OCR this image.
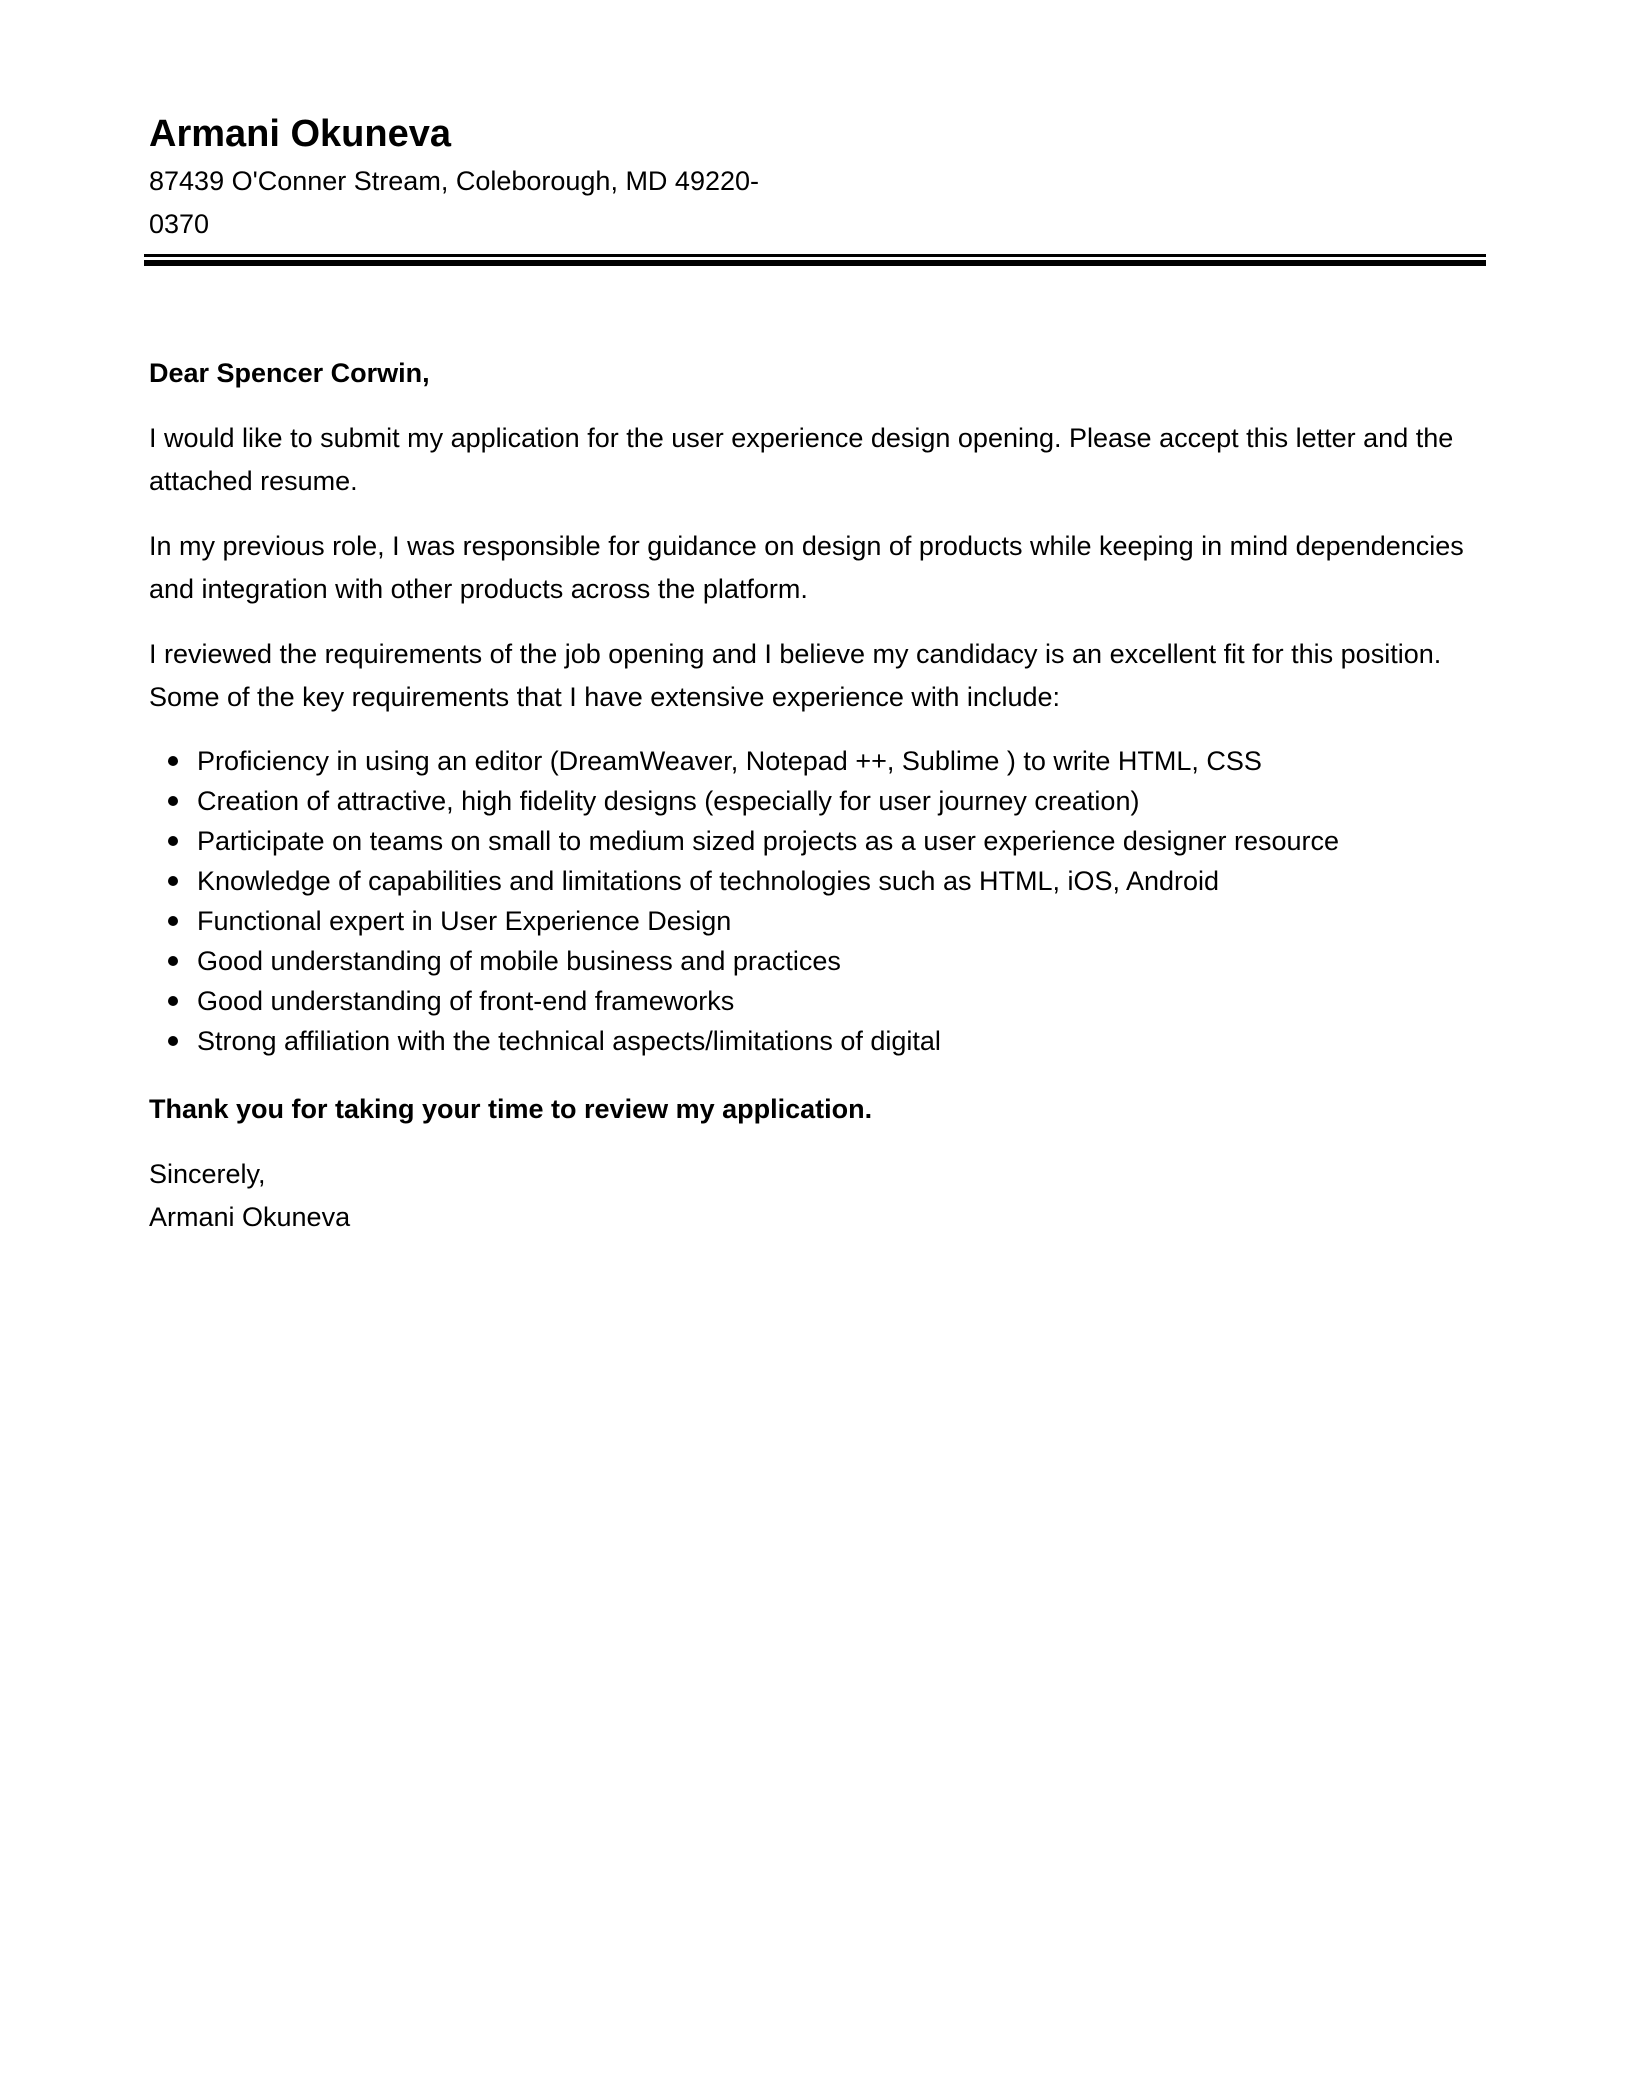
Armani Okuneva

87439 O'Conner Stream, Coleborough, MD 49220-0370

Dear Spencer Corwin,

I would like to submit my application for the user experience design opening. Please accept this letter and the attached resume.

In my previous role, I was responsible for guidance on design of products while keeping in mind dependencies and integration with other products across the platform.

I reviewed the requirements of the job opening and I believe my candidacy is an excellent fit for this position. Some of the key requirements that I have extensive experience with include:

Proficiency in using an editor (DreamWeaver, Notepad ++, Sublime ) to write HTML, CSS
Creation of attractive, high fidelity designs (especially for user journey creation)
Participate on teams on small to medium sized projects as a user experience designer resource
Knowledge of capabilities and limitations of technologies such as HTML, iOS, Android
Functional expert in User Experience Design
Good understanding of mobile business and practices
Good understanding of front-end frameworks
Strong affiliation with the technical aspects/limitations of digital

Thank you for taking your time to review my application.

Sincerely,

Armani Okuneva
